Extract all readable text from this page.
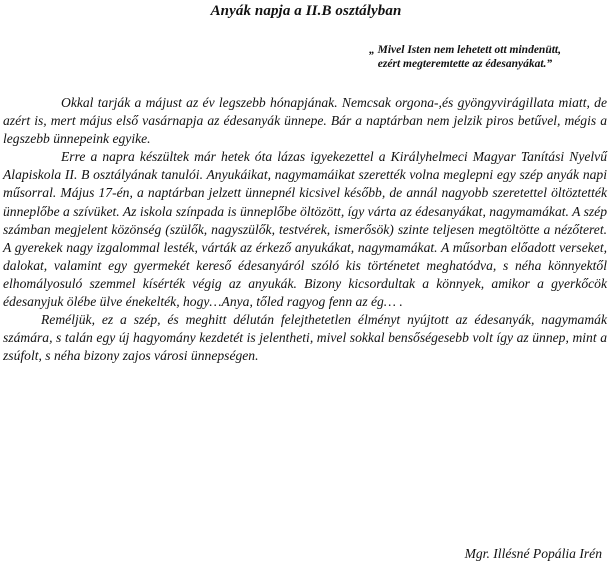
Anyák napja a II.B osztályban
„ Mivel Isten nem lehetett ott mindenütt,
ezért megteremtette az édesanyákat.”

Okkal tarják a májust az év legszebb hónapjának. Nemcsak orgona-,és gyöngyvirágillata miatt, de azért is, mert május első vasárnapja az édesanyák ünnepe. Bár a naptárban nem jelzik piros betűvel, mégis a legszebb ünnepeink egyike.

Erre a napra készültek már hetek óta lázas igyekezettel a Királyhelmeci Magyar Tanítási Nyelvű Alapiskola II. B osztályának tanulói. Anyukáikat, nagymamáikat szerették volna meglepni egy szép anyák napi műsorral. Május 17-én, a naptárban jelzett ünnepnél kicsivel később, de annál nagyobb szeretettel öltöztették ünneplőbe a szívüket. Az iskola színpada is ünneplőbe öltözött, így várta az édesanyákat, nagymamákat. A szép számban megjelent közönség (szülők, nagyszülők, testvérek, ismerősök) szinte teljesen megtöltötte a nézőteret. A gyerekek nagy izgalommal lesték, várták az érkező anyukákat, nagymamákat. A műsorban előadott verseket, dalokat, valamint egy gyermekét kereső édesanyáról szóló kis történetet meghatódva, s néha könnyektől elhomályosuló szemmel kísérték végig az anyukák. Bizony kicsordultak a könnyek, amikor a gyerkőcök édesanyjuk ölébe ülve énekelték, hogy…Anya, tőled ragyog fenn az ég… .

Reméljük, ez a szép, és meghitt délután felejthetetlen élményt nyújtott az édesanyák, nagymamák számára, s talán egy új hagyomány kezdetét is jelentheti, mivel sokkal bensőségesebb volt így az ünnep, mint a zsúfolt, s néha bizony zajos városi ünnepségen.

Mgr. Illésné Popália Irén
